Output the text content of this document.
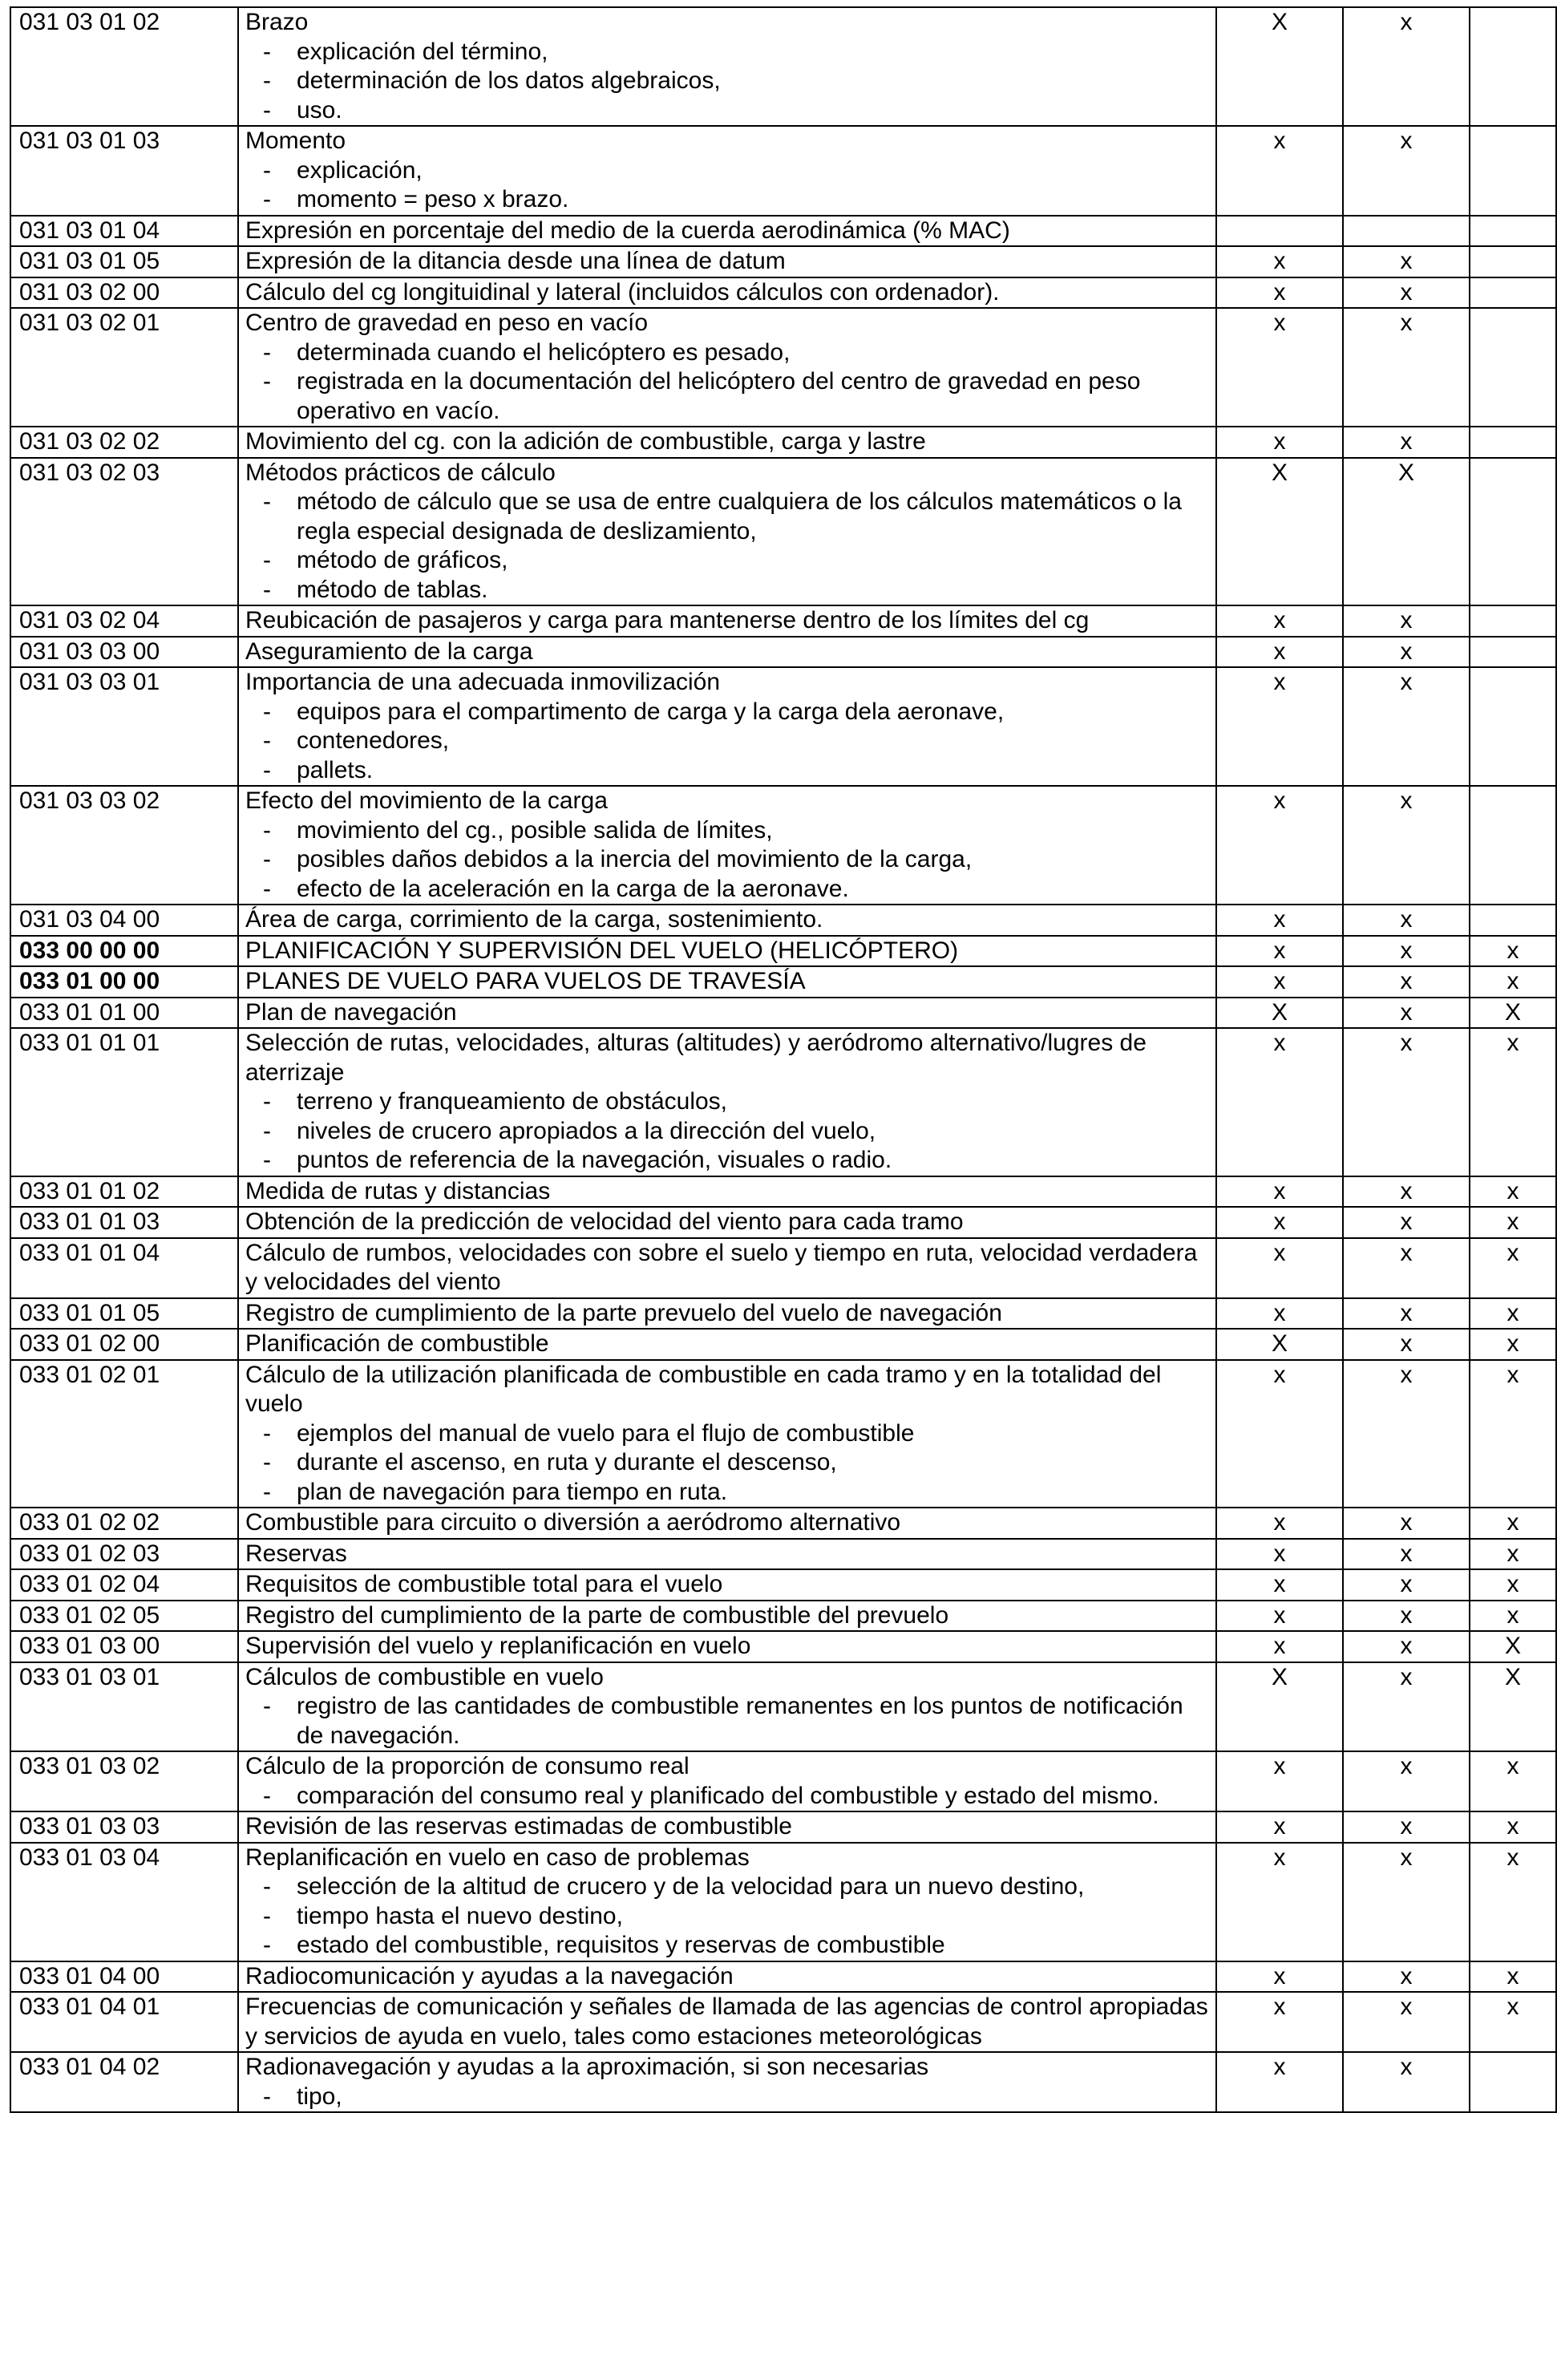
031 03 01 02	Brazo
- explicación del término,
- determinación de los datos algebraicos,
- uso.	X	x	
031 03 01 03	Momento
- explicación,
- momento = peso x brazo.	x	x	
031 03 01 04	Expresión en porcentaje del medio de la cuerda aerodinámica (% MAC)			

031 03 01 05	Expresión de la ditancia desde una línea de datum	x	x	
031 03 02 00	Cálculo del cg longituidinal y lateral (incluidos cálculos con ordenador).	x	x	
031 03 02 01	Centro de gravedad en peso en vacío
- determinada cuando el helicóptero es pesado,
- registrada en la documentación del helicóptero del centro de gravedad en peso operativo en vacío.	x	x	
031 03 02 02	Movimiento del cg. con la adición de combustible, carga y lastre	x	x	
031 03 02 03	Métodos prácticos de cálculo
- método de cálculo que se usa de entre cualquiera de los cálculos matemáticos o la regla especial designada de deslizamiento,
- método de gráficos,
- método de tablas.	X	X	
031 03 02 04	Reubicación de pasajeros y carga para mantenerse dentro de los límites del cg	x	x	
031 03 03 00	Aseguramiento de la carga	x	x	
031 03 03 01	Importancia de una adecuada inmovilización
- equipos para el compartimento de carga y la carga dela aeronave,
- contenedores,
- pallets.	x	x	
031 03 03 02	Efecto del movimiento de la carga
- movimiento del cg., posible salida de límites,
- posibles daños debidos a la inercia del movimiento de la carga,
- efecto de la aceleración en la carga de la aeronave.	x	x	
031 03 04 00	Área de carga, corrimiento de la carga, sostenimiento.	x	x	
033 00 00 00	PLANIFICACIÓN Y SUPERVISIÓN DEL VUELO (HELICÓPTERO)	x	x	x
033 01 00 00	PLANES DE VUELO PARA VUELOS DE TRAVESÍA	x	x	x
033 01 01 00	Plan de navegación	X	x	X
033 01 01 01	Selección de rutas, velocidades, alturas (altitudes) y aeródromo alternativo/lugres de aterrizaje
- terreno y franqueamiento de obstáculos,
- niveles de crucero apropiados a la dirección del vuelo,
- puntos de referencia de la navegación, visuales o radio.	x	x	x
033 01 01 02	Medida de rutas y distancias	x	x	x
033 01 01 03	Obtención de la predicción de velocidad del viento para cada tramo	x	x	x
033 01 01 04	Cálculo de rumbos, velocidades con sobre el suelo y tiempo en ruta, velocidad verdadera y velocidades del viento	x	x	x
033 01 01 05	Registro de cumplimiento de la parte prevuelo del vuelo de navegación	x	x	x
033 01 02 00	Planificación de combustible	X	x	x
033 01 02 01	Cálculo de la utilización planificada de combustible en cada tramo y en la totalidad del vuelo
- ejemplos del manual de vuelo para el flujo de combustible
- durante el ascenso, en ruta y durante el descenso,
- plan de navegación para tiempo en ruta.	x	x	x
033 01 02 02	Combustible para circuito o diversión a aeródromo alternativo	x	x	x
033 01 02 03	Reservas	x	x	x
033 01 02 04	Requisitos de combustible total para el vuelo	x	x	x
033 01 02 05	Registro del cumplimiento de la parte de combustible del prevuelo	x	x	x
033 01 03 00	Supervisión del vuelo y replanificación en vuelo	x	x	X
033 01 03 01	Cálculos de combustible en vuelo
- registro de las cantidades de combustible remanentes en los puntos de notificación de navegación.	X	x	X
033 01 03 02	Cálculo de la proporción de consumo real
- comparación del consumo real y planificado del combustible y estado del mismo.	x	x	x
033 01 03 03	Revisión de las reservas estimadas de combustible	x	x	x
033 01 03 04	Replanificación en vuelo en caso de problemas
- selección de la altitud de crucero y de la velocidad para un nuevo destino,
- tiempo hasta el nuevo destino,
- estado del combustible, requisitos y reservas de combustible	x	x	x
033 01 04 00	Radiocomunicación y ayudas a la navegación	x	x	x
033 01 04 01	Frecuencias de comunicación y señales de llamada de las agencias de control apropiadas y servicios de ayuda en vuelo, tales como estaciones meteorológicas	x	x	x
033 01 04 02	Radionavegación y ayudas a la aproximación, si son necesarias
- tipo,	x	x	
